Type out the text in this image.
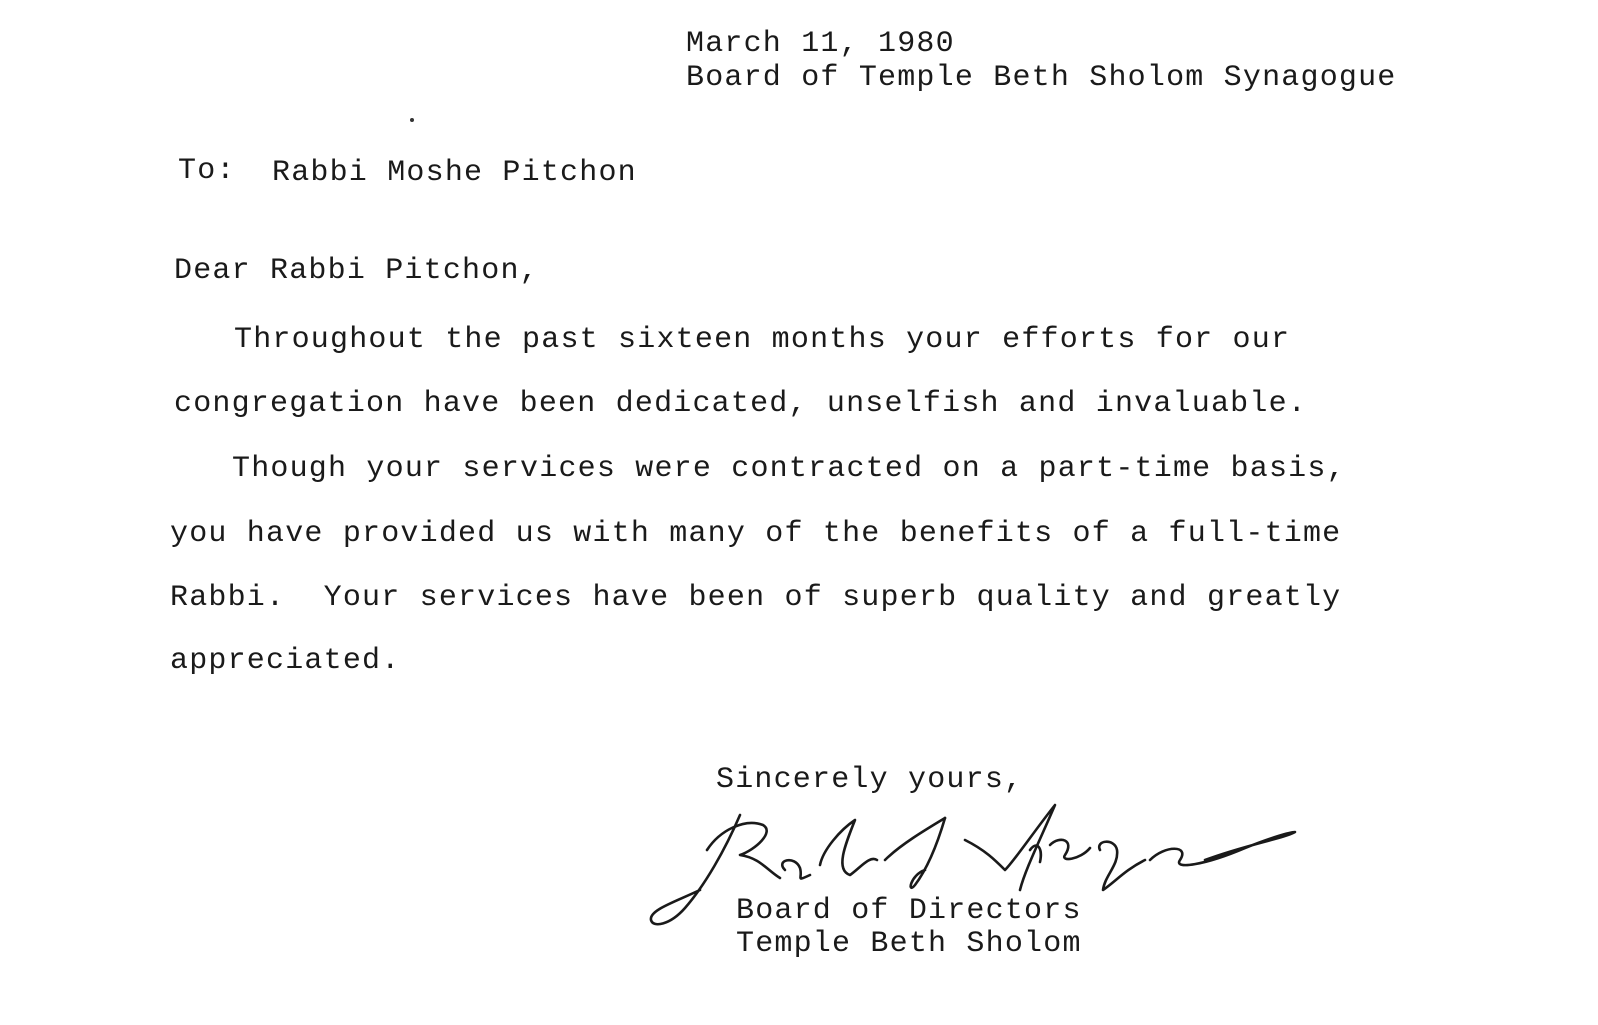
March 11, 1980
Board of Temple Beth Sholom Synagogue
To: Rabbi Moshe Pitchon
Dear Rabbi Pitchon,
Throughout the past sixteen months your efforts for our
congregation have been dedicated, unselfish and invaluable.
Though your services were contracted on a part-time basis,
you have provided us with many of the benefits of a full-time
Rabbi.  Your services have been of superb quality and greatly
appreciated.
Sincerely yours,
Board of Directors
Temple Beth Sholom
